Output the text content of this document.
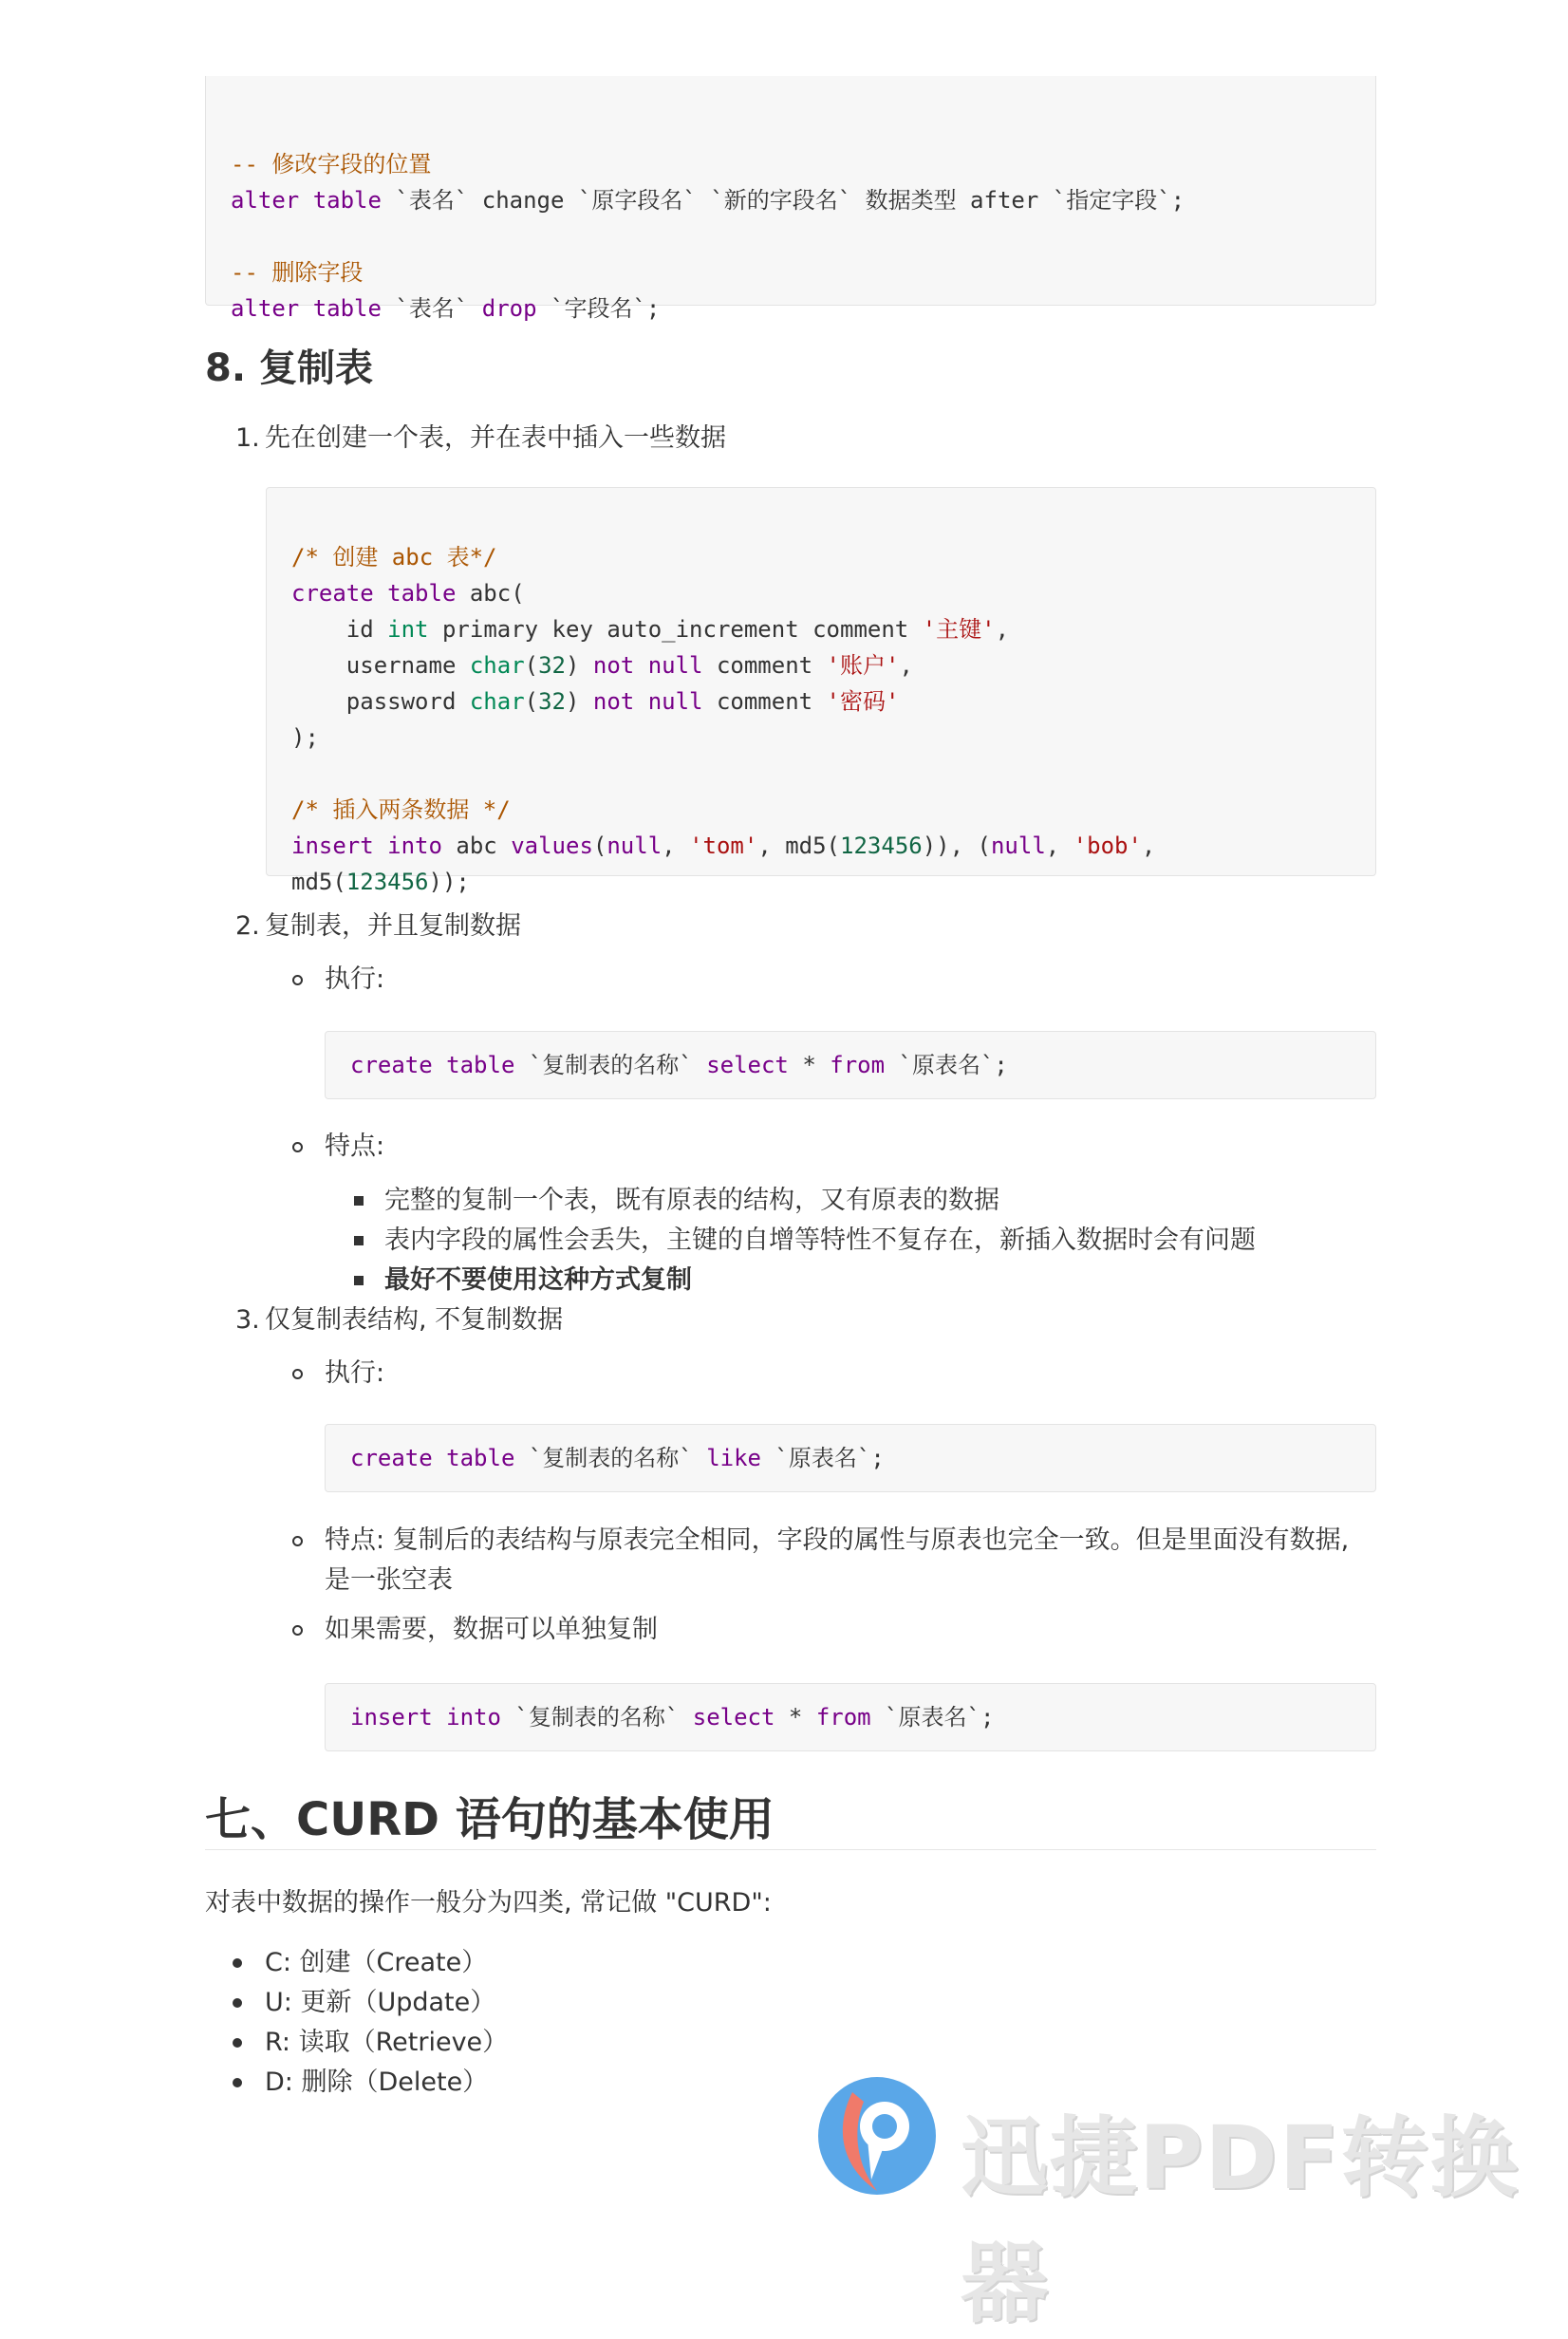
-- 修改字段的位置
alter table `表名` change `原字段名` `新的字段名` 数据类型 after `指定字段`;

-- 删除字段
alter table `表名` drop `字段名`;
8. 复制表
1. 先在创建一个表，并在表中插入一些数据

/* 创建 abc 表*/
create table abc(
id int primary key auto_increment comment '主键',
username char(32) not null comment '账户',
password char(32) not null comment '密码'
);

/* 插入两条数据 */
insert into abc values(null, 'tom', md5(123456)), (null, 'bob',
md5(123456));
2. 复制表，并且复制数据
执行:
create table `复制表的名称` select * from `原表名`;
特点:
完整的复制一个表，既有原表的结构，又有原表的数据
表内字段的属性会丢失，主键的自增等特性不复存在，新插入数据时会有问题
最好不要使用这种方式复制
3. 仅复制表结构, 不复制数据
执行:
create table `复制表的名称` like `原表名`;
特点: 复制后的表结构与原表完全相同，字段的属性与原表也完全一致。但是里面没有数据,
是一张空表
如果需要，数据可以单独复制
insert into `复制表的名称` select * from `原表名`;
七、CURD 语句的基本使用
对表中数据的操作一般分为四类, 常记做 "CURD":
C: 创建（Create）
U: 更新（Update）
R: 读取（Retrieve）
D: 删除（Delete）
迅捷PDF转换器
